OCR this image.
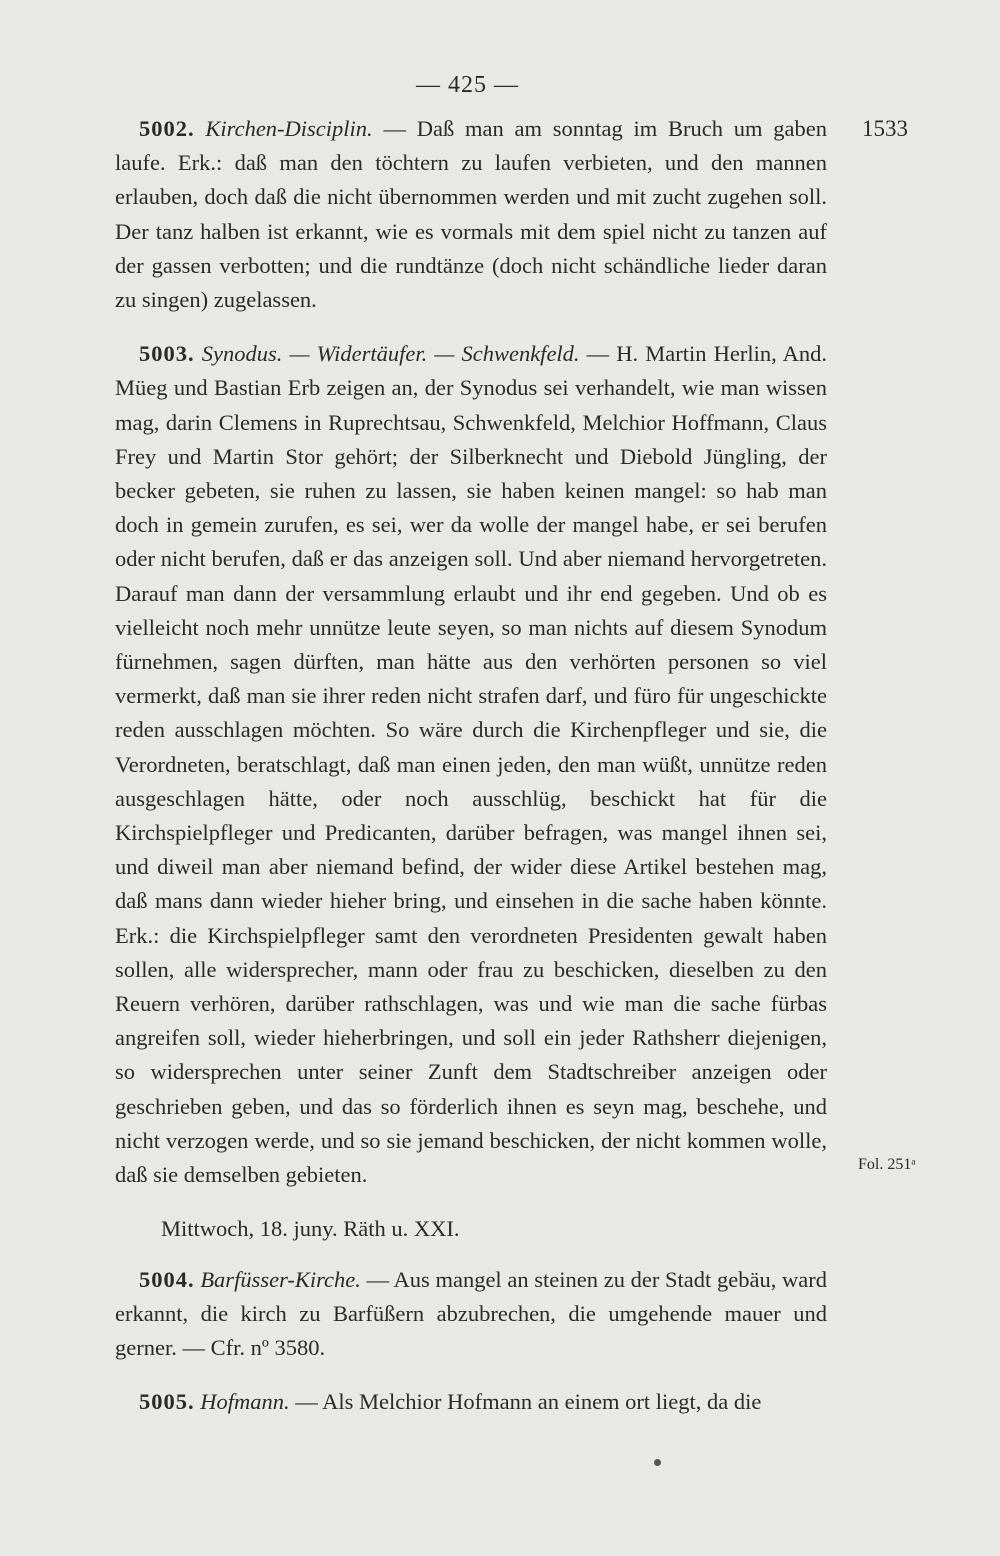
— 425 —
1533
Fol. 251ᵃ

5002. Kirchen-Disciplin. — Daß man am sonntag im Bruch um gaben laufe. Erk.: daß man den töchtern zu laufen verbieten, und den mannen erlauben, doch daß die nicht übernommen werden und mit zucht zugehen soll. Der tanz halben ist erkannt, wie es vormals mit dem spiel nicht zu tanzen auf der gassen verbotten; und die rundtänze (doch nicht schändliche lieder daran zu singen) zugelassen.

5003. Synodus. — Widertäufer. — Schwenkfeld. — H. Martin Herlin, And. Müeg und Bastian Erb zeigen an, der Synodus sei verhandelt, wie man wissen mag, darin Clemens in Ruprechtsau, Schwenkfeld, Melchior Hoffmann, Claus Frey und Martin Stor gehört; der Silberknecht und Diebold Jüngling, der becker gebeten, sie ruhen zu lassen, sie haben keinen mangel: so hab man doch in gemein zurufen, es sei, wer da wolle der mangel habe, er sei berufen oder nicht berufen, daß er das anzeigen soll. Und aber niemand hervorgetreten. Darauf man dann der versammlung erlaubt und ihr end gegeben. Und ob es vielleicht noch mehr unnütze leute seyen, so man nichts auf diesem Synodum fürnehmen, sagen dürften, man hätte aus den verhörten personen so viel vermerkt, daß man sie ihrer reden nicht strafen darf, und füro für ungeschickte reden ausschlagen möchten. So wäre durch die Kirchenpfleger und sie, die Verordneten, beratschlagt, daß man einen jeden, den man wüßt, unnütze reden ausgeschlagen hätte, oder noch ausschlüg, beschickt hat für die Kirchspielpfleger und Predicanten, darüber befragen, was mangel ihnen sei, und diweil man aber niemand befind, der wider diese Artikel bestehen mag, daß mans dann wieder hieher bring, und einsehen in die sache haben könnte. Erk.: die Kirchspielpfleger samt den verordneten Presidenten gewalt haben sollen, alle widersprecher, mann oder frau zu beschicken, dieselben zu den Reuern verhören, darüber rathschlagen, was und wie man die sache fürbas angreifen soll, wieder hieherbringen, und soll ein jeder Rathsherr diejenigen, so widersprechen unter seiner Zunft dem Stadtschreiber anzeigen oder geschrieben geben, und das so förderlich ihnen es seyn mag, beschehe, und nicht verzogen werde, und so sie jemand beschicken, der nicht kommen wolle, daß sie demselben gebieten.

Mittwoch, 18. juny. Räth u. XXI.

5004. Barfüsser-Kirche. — Aus mangel an steinen zu der Stadt gebäu, ward erkannt, die kirch zu Barfüßern abzubrechen, die umgehende mauer und gerner. — Cfr. nº 3580.

5005. Hofmann. — Als Melchior Hofmann an einem ort liegt, da die
